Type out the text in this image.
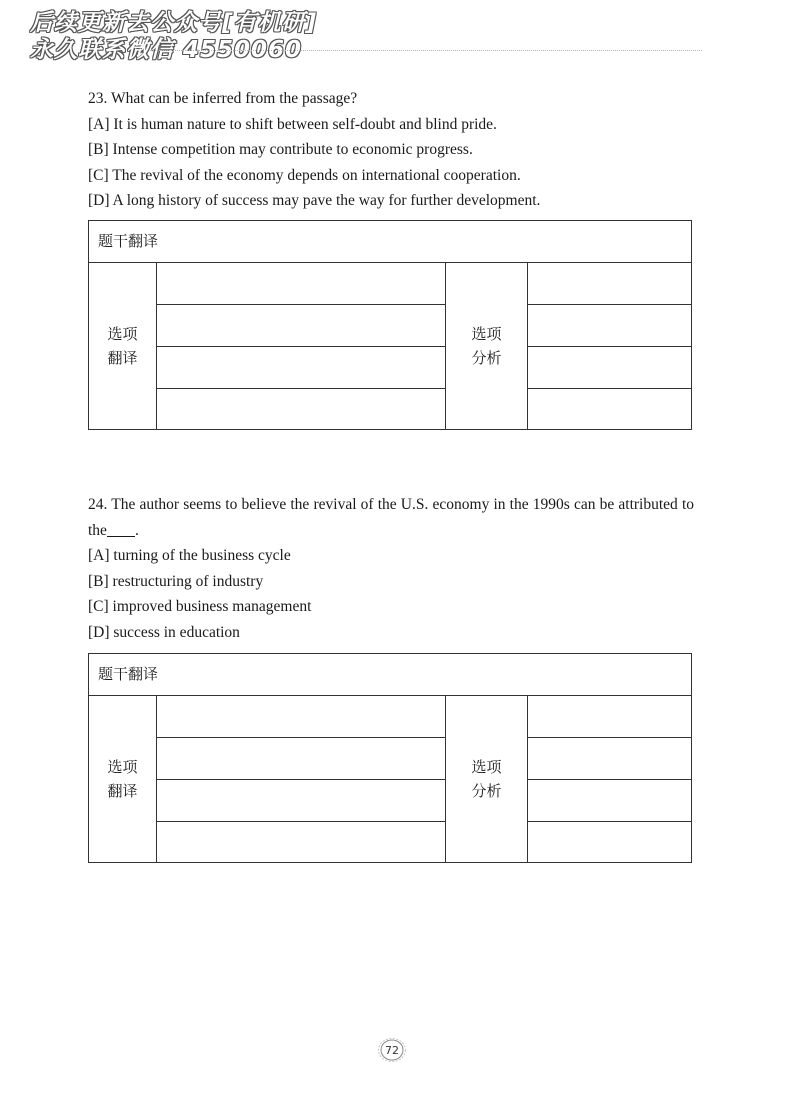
后续更新去公众号[有机研]
永久联系微信 4550060
23. What can be inferred from the passage?
[A] It is human nature to shift between self-doubt and blind pride.
[B] Intense competition may contribute to economic progress.
[C] The revival of the economy depends on international cooperation.
[D] A long history of success may pave the way for further development.
题干翻译
选项
翻译
选项
分析
24. The author seems to believe the revival of the U.S. economy in the 1990s can be attributed to the .
[A] turning of the business cycle
[B] restructuring of industry
[C] improved business management
[D] success in education
题干翻译
选项
翻译
选项
分析
72
